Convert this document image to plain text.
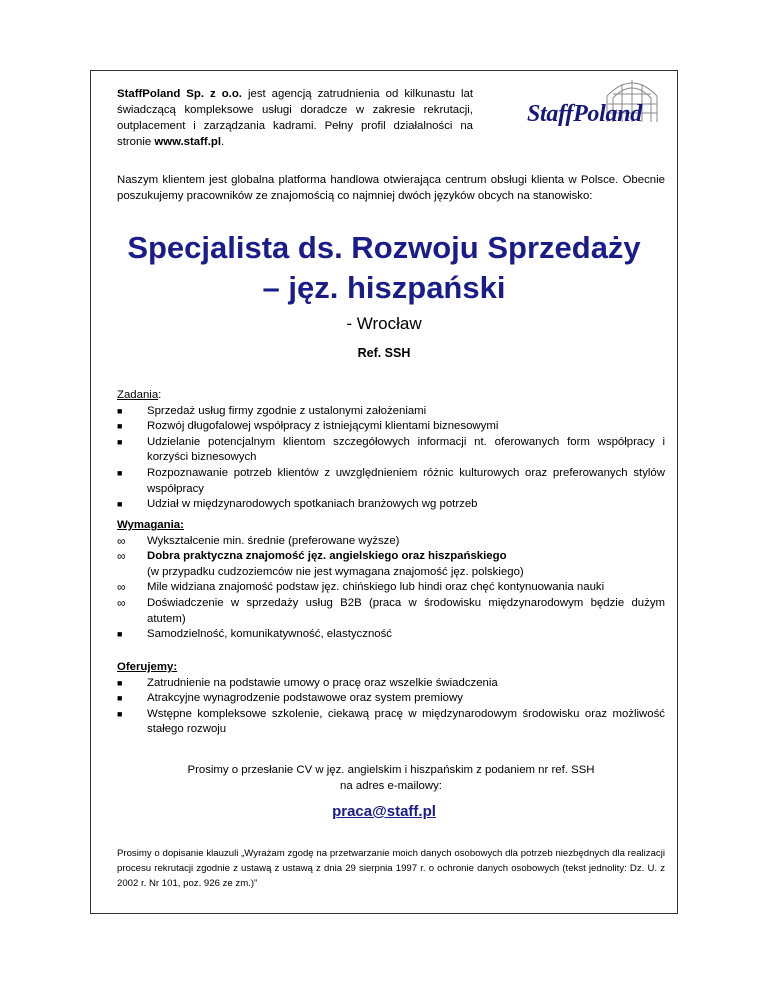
StaffPoland Sp. z o.o. jest agencją zatrudnienia od kilkunastu lat świadczącą kompleksowe usługi doradcze w zakresie rekrutacji, outplacement i zarządzania kadrami. Pełny profil działalności na stronie www.staff.pl.
StaffPoland
Naszym klientem jest globalna platforma handlowa otwierająca centrum obsługi klienta w Polsce. Obecnie poszukujemy pracowników ze znajomością co najmniej dwóch języków obcych na stanowisko:
Specjalista ds. Rozwoju Sprzedaży
– jęz. hiszpański
- Wrocław
Ref. SSH
Zadania:
■	Sprzedaż usług firmy zgodnie z ustalonymi założeniami
■	Rozwój długofalowej współpracy z istniejącymi klientami biznesowymi
■	Udzielanie potencjalnym klientom szczegółowych informacji nt. oferowanych form współpracy i korzyści biznesowych
■	Rozpoznawanie potrzeb klientów z uwzględnieniem różnic kulturowych oraz preferowanych stylów współpracy
■	Udział w międzynarodowych spotkaniach branżowych wg potrzeb
Wymagania:
∞	Wykształcenie min. średnie (preferowane wyższe)
∞	Dobra praktyczna znajomość jęz. angielskiego oraz hiszpańskiego
(w przypadku cudzoziemców nie jest wymagana znajomość jęz. polskiego)
∞	Mile widziana znajomość podstaw jęz. chińskiego lub hindi oraz chęć kontynuowania nauki
∞	Doświadczenie w sprzedaży usług B2B (praca w środowisku międzynarodowym będzie dużym atutem)
■	Samodzielność, komunikatywność, elastyczność
Oferujemy:
■	Zatrudnienie na podstawie umowy o pracę oraz wszelkie świadczenia
■	Atrakcyjne wynagrodzenie podstawowe oraz system premiowy
■	Wstępne kompleksowe szkolenie, ciekawą pracę w międzynarodowym środowisku oraz możliwość stałego rozwoju
Prosimy o przesłanie CV w jęz. angielskim i hiszpańskim z podaniem nr ref. SSH
na adres e-mailowy:
praca@staff.pl
Prosimy o dopisanie klauzuli „Wyrażam zgodę na przetwarzanie moich danych osobowych dla potrzeb niezbędnych dla realizacji procesu rekrutacji zgodnie z ustawą z ustawą z dnia 29 sierpnia 1997 r. o ochronie danych osobowych (tekst jednolity: Dz. U. z 2002 r. Nr 101, poz. 926 ze zm.)”
